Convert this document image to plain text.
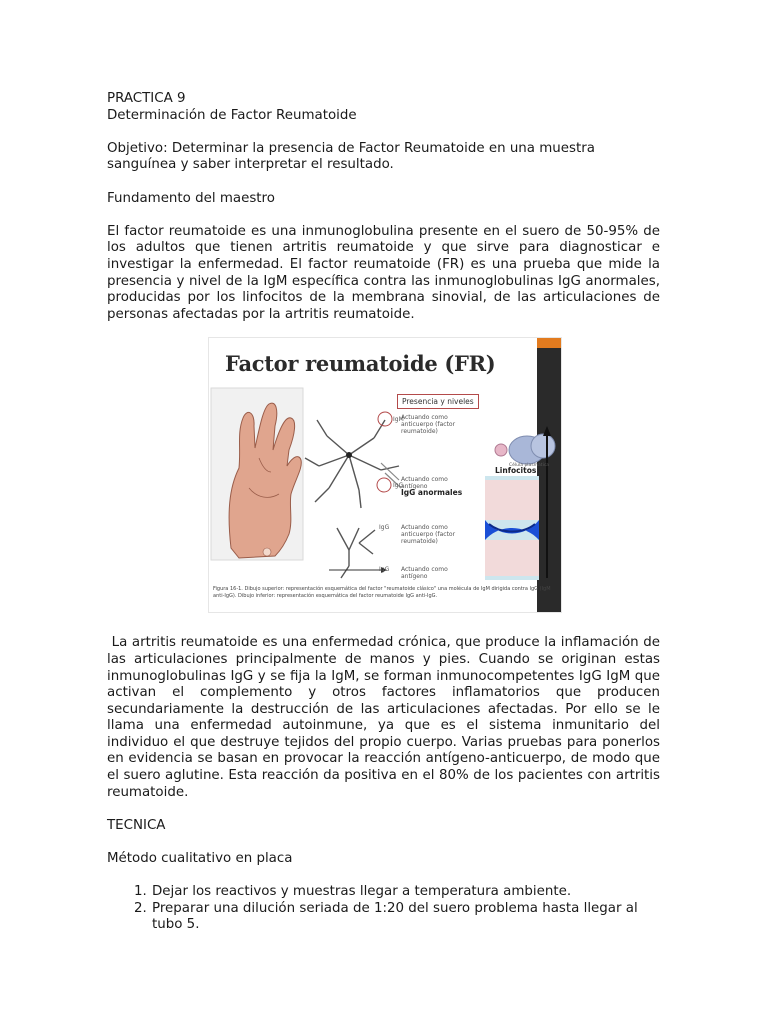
PRACTICA 9

Determinación de Factor Reumatoide

Objetivo: Determinar la presencia de Factor Reumatoide en una muestra sanguínea y saber interpretar el resultado.

Fundamento del maestro

El factor reumatoide es una inmunoglobulina presente en el suero de 50-95% de los adultos que tienen artritis reumatoide y que sirve para diagnosticar e investigar la enfermedad. El factor reumatoide (FR) es una prueba que mide la presencia y nivel de la IgM específica contra las inmunoglobulinas IgG anormales, producidas por los linfocitos de la membrana sinovial, de las articulaciones de personas afectadas por la artritis reumatoide.

Factor reumatoide (FR)
Presencia y niveles
IgM
Actuando como anticuerpo (factor reumatoide)
IgG
Actuando como antígeno
IgG anormales
IgG Actuando como anticuerpo (factor reumatoide)
IgG Actuando como antígeno
Linfocitos
Célula plasmática
Figura 16-1. Dibujo superior: representación esquemática del factor "reumatoide clásico" una molécula de IgM dirigida contra IgG (IgM anti-IgG). Dibujo inferior: representación esquemática del factor reumatoide IgG anti-IgG.

La artritis reumatoide es una enfermedad crónica, que produce la inflamación de las articulaciones principalmente de manos y pies. Cuando se originan estas inmunoglobulinas IgG y se fija la IgM, se forman inmunocompetentes IgG IgM que activan el complemento y otros factores inflamatorios que producen secundariamente la destrucción de las articulaciones afectadas. Por ello se le llama una enfermedad autoinmune, ya que es el sistema inmunitario del individuo el que destruye tejidos del propio cuerpo. Varias pruebas para ponerlos en evidencia se basan en provocar la reacción antígeno-anticuerpo, de modo que el suero aglutine. Esta reacción da positiva en el 80% de los pacientes con artritis reumatoide.

TECNICA

Método cualitativo en placa

1. Dejar los reactivos y muestras llegar a temperatura ambiente.
2. Preparar una dilución seriada de 1:20 del suero problema hasta llegar al tubo 5.
